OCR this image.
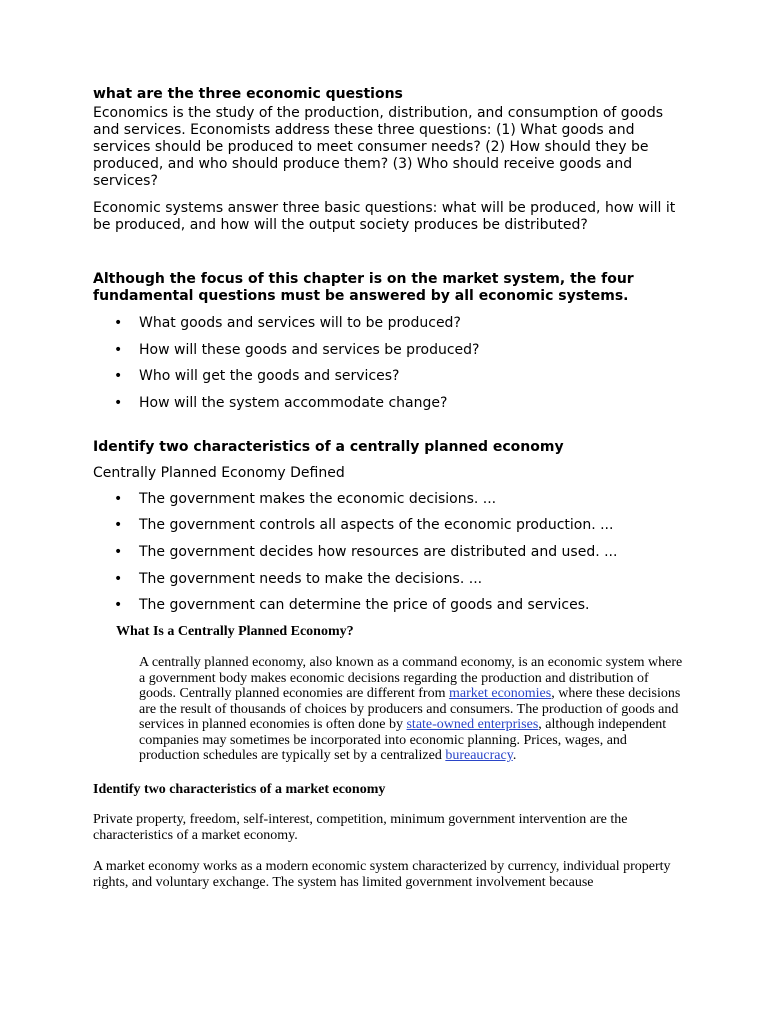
what are the three economic questions

Economics is the study of the production, distribution, and consumption of goods and services. Economists address these three questions: (1) What goods and services should be produced to meet consumer needs? (2) How should they be produced, and who should produce them? (3) Who should receive goods and services?

Economic systems answer three basic questions: what will be produced, how will it be produced, and how will the output society produces be distributed?

Although the focus of this chapter is on the market system, the four fundamental questions must be answered by all economic systems.
• What goods and services will to be produced?
• How will these goods and services be produced?
• Who will get the goods and services?
• How will the system accommodate change?
Identify two characteristics of a centrally planned economy

Centrally Planned Economy Defined

• The government makes the economic decisions. ...
• The government controls all aspects of the economic production. ...
• The government decides how resources are distributed and used. ...
• The government needs to make the decisions. ...
• The government can determine the price of goods and services.
What Is a Centrally Planned Economy?

A centrally planned economy, also known as a command economy, is an economic system where a government body makes economic decisions regarding the production and distribution of goods. Centrally planned economies are different from market economies, where these decisions are the result of thousands of choices by producers and consumers. The production of goods and services in planned economies is often done by state-owned enterprises, although independent companies may sometimes be incorporated into economic planning. Prices, wages, and production schedules are typically set by a centralized bureaucracy.

Identify two characteristics of a market economy

Private property, freedom, self-interest, competition, minimum government intervention are the characteristics of a market economy.

A market economy works as a modern economic system characterized by currency, individual property rights, and voluntary exchange. The system has limited government involvement because
